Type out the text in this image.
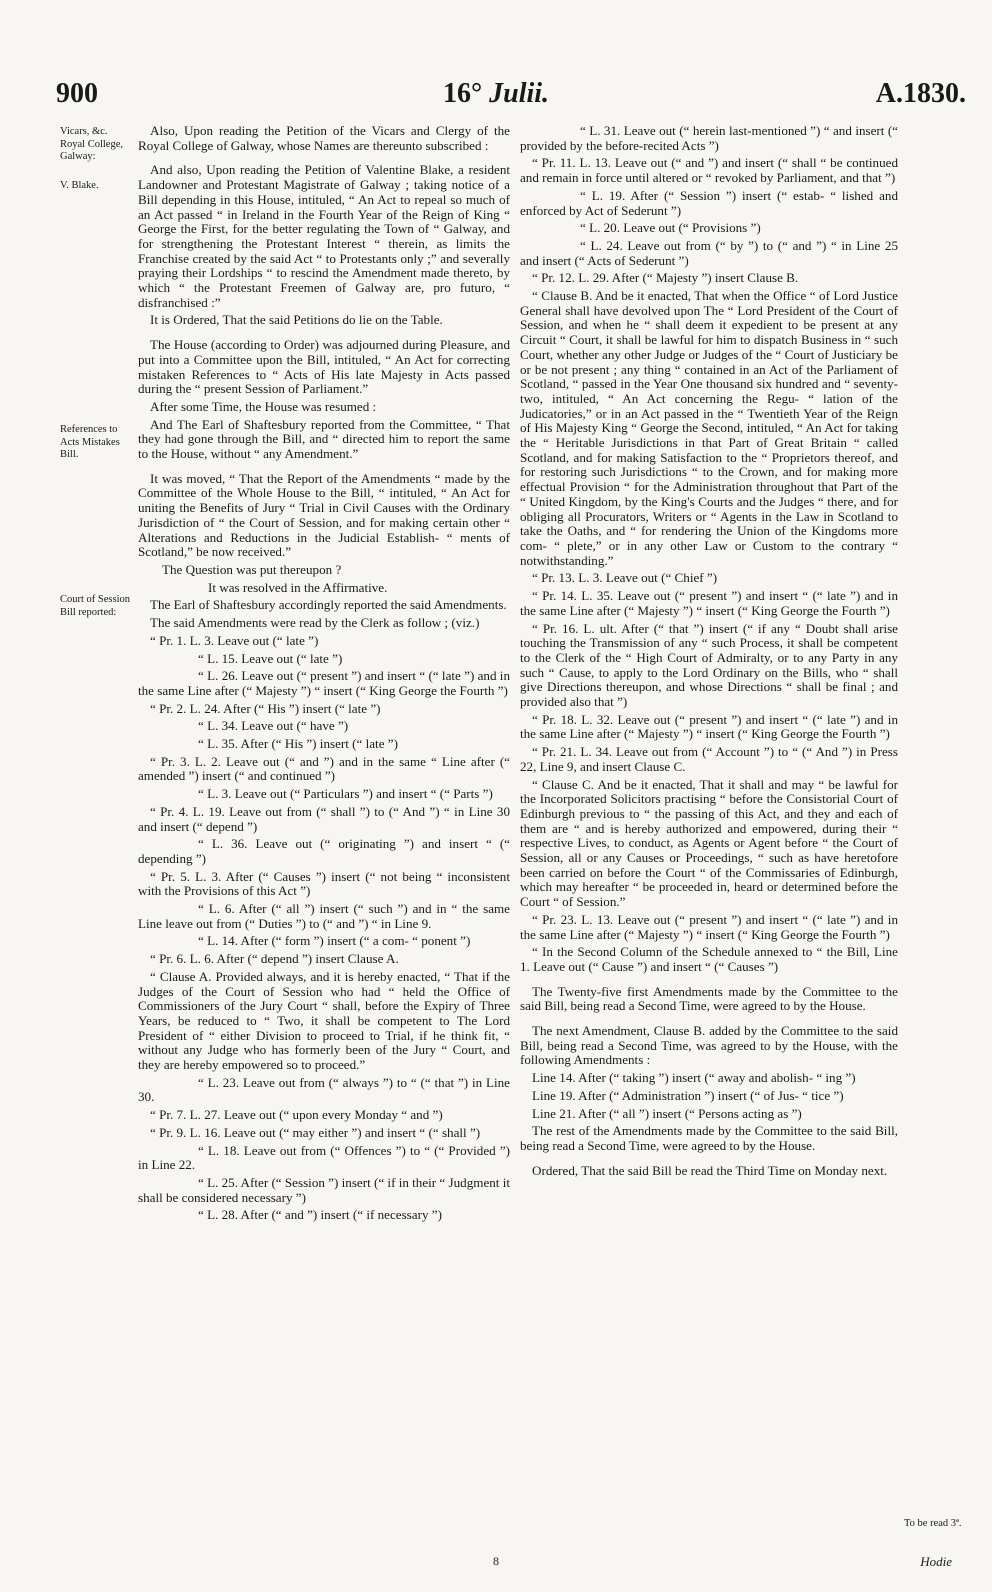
900	16° Julii.	A.1830.
Vicars, &c. Royal College, Galway:
V. Blake.
References to Acts Mistakes Bill.
Court of Session Bill reported:
To be read 3ª.

Also, Upon reading the Petition of the Vicars and Clergy of the Royal College of Galway, whose Names are thereunto subscribed :

And also, Upon reading the Petition of Valentine Blake, a resident Landowner and Protestant Magistrate of Galway ; taking notice of a Bill depending in this House, intituled, “ An Act to repeal so much of an Act passed “ in Ireland in the Fourth Year of the Reign of King “ George the First, for the better regulating the Town of “ Galway, and for strengthening the Protestant Interest “ therein, as limits the Franchise created by the said Act “ to Protestants only ;” and severally praying their Lordships “ to rescind the Amendment made thereto, by which “ the Protestant Freemen of Galway are, pro futuro, “ disfranchised :”

It is Ordered, That the said Petitions do lie on the Table.

The House (according to Order) was adjourned during Pleasure, and put into a Committee upon the Bill, intituled, “ An Act for correcting mistaken References to “ Acts of His late Majesty in Acts passed during the “ present Session of Parliament.”

After some Time, the House was resumed :

And The Earl of Shaftesbury reported from the Committee, “ That they had gone through the Bill, and “ directed him to report the same to the House, without “ any Amendment.”

It was moved, “ That the Report of the Amendments “ made by the Committee of the Whole House to the Bill, “ intituled, “ An Act for uniting the Benefits of Jury “ Trial in Civil Causes with the Ordinary Jurisdiction of “ the Court of Session, and for making certain other “ Alterations and Reductions in the Judicial Establish- “ ments of Scotland,” be now received.”

The Question was put thereupon ?

It was resolved in the Affirmative.

The Earl of Shaftesbury accordingly reported the said Amendments.

The said Amendments were read by the Clerk as follow ; (viz.)

“ Pr. 1. L. 3. Leave out (“ late ”)

“ L. 15. Leave out (“ late ”)

“ L. 26. Leave out (“ present ”) and insert “ (“ late ”) and in the same Line after (“ Majesty ”) “ insert (“ King George the Fourth ”)

“ Pr. 2. L. 24. After (“ His ”) insert (“ late ”)

“ L. 34. Leave out (“ have ”)

“ L. 35. After (“ His ”) insert (“ late ”)

“ Pr. 3. L. 2. Leave out (“ and ”) and in the same “ Line after (“ amended ”) insert (“ and continued ”)

“ L. 3. Leave out (“ Particulars ”) and insert “ (“ Parts ”)

“ Pr. 4. L. 19. Leave out from (“ shall ”) to (“ And ”) “ in Line 30 and insert (“ depend ”)

“ L. 36. Leave out (“ originating ”) and insert “ (“ depending ”)

“ Pr. 5. L. 3. After (“ Causes ”) insert (“ not being “ inconsistent with the Provisions of this Act ”)

“ L. 6. After (“ all ”) insert (“ such ”) and in “ the same Line leave out from (“ Duties ”) to (“ and ”) “ in Line 9.

“ L. 14. After (“ form ”) insert (“ a com- “ ponent ”)

“ Pr. 6. L. 6. After (“ depend ”) insert Clause A.

“ Clause A. Provided always, and it is hereby enacted, “ That if the Judges of the Court of Session who had “ held the Office of Commissioners of the Jury Court “ shall, before the Expiry of Three Years, be reduced to “ Two, it shall be competent to The Lord President of “ either Division to proceed to Trial, if he think fit, “ without any Judge who has formerly been of the Jury “ Court, and they are hereby empowered so to proceed.”

“ L. 23. Leave out from (“ always ”) to “ (“ that ”) in Line 30.

“ Pr. 7. L. 27. Leave out (“ upon every Monday “ and ”)

“ Pr. 9. L. 16. Leave out (“ may either ”) and insert “ (“ shall ”)

“ L. 18. Leave out from (“ Offences ”) to “ (“ Provided ”) in Line 22.

“ L. 25. After (“ Session ”) insert (“ if in their “ Judgment it shall be considered necessary ”)

“ L. 28. After (“ and ”) insert (“ if necessary ”)

“ L. 31. Leave out (“ herein last-mentioned ”) “ and insert (“ provided by the before-recited Acts ”)

“ Pr. 11. L. 13. Leave out (“ and ”) and insert (“ shall “ be continued and remain in force until altered or “ revoked by Parliament, and that ”)

“ L. 19. After (“ Session ”) insert (“ estab- “ lished and enforced by Act of Sederunt ”)

“ L. 20. Leave out (“ Provisions ”)

“ L. 24. Leave out from (“ by ”) to (“ and ”) “ in Line 25 and insert (“ Acts of Sederunt ”)

“ Pr. 12. L. 29. After (“ Majesty ”) insert Clause B.

“ Clause B. And be it enacted, That when the Office “ of Lord Justice General shall have devolved upon The “ Lord President of the Court of Session, and when he “ shall deem it expedient to be present at any Circuit “ Court, it shall be lawful for him to dispatch Business in “ such Court, whether any other Judge or Judges of the “ Court of Justiciary be or be not present ; any thing “ contained in an Act of the Parliament of Scotland, “ passed in the Year One thousand six hundred and “ seventy-two, intituled, “ An Act concerning the Regu- “ lation of the Judicatories,” or in an Act passed in the “ Twentieth Year of the Reign of His Majesty King “ George the Second, intituled, “ An Act for taking the “ Heritable Jurisdictions in that Part of Great Britain “ called Scotland, and for making Satisfaction to the “ Proprietors thereof, and for restoring such Jurisdictions “ to the Crown, and for making more effectual Provision “ for the Administration throughout that Part of the “ United Kingdom, by the King's Courts and the Judges “ there, and for obliging all Procurators, Writers or “ Agents in the Law in Scotland to take the Oaths, and “ for rendering the Union of the Kingdoms more com- “ plete,” or in any other Law or Custom to the contrary “ notwithstanding.”

“ Pr. 13. L. 3. Leave out (“ Chief ”)

“ Pr. 14. L. 35. Leave out (“ present ”) and insert “ (“ late ”) and in the same Line after (“ Majesty ”) “ insert (“ King George the Fourth ”)

“ Pr. 16. L. ult. After (“ that ”) insert (“ if any “ Doubt shall arise touching the Transmission of any “ such Process, it shall be competent to the Clerk of the “ High Court of Admiralty, or to any Party in any such “ Cause, to apply to the Lord Ordinary on the Bills, who “ shall give Directions thereupon, and whose Directions “ shall be final ; and provided also that ”)

“ Pr. 18. L. 32. Leave out (“ present ”) and insert “ (“ late ”) and in the same Line after (“ Majesty ”) “ insert (“ King George the Fourth ”)

“ Pr. 21. L. 34. Leave out from (“ Account ”) to “ (“ And ”) in Press 22, Line 9, and insert Clause C.

“ Clause C. And be it enacted, That it shall and may “ be lawful for the Incorporated Solicitors practising “ before the Consistorial Court of Edinburgh previous to “ the passing of this Act, and they and each of them are “ and is hereby authorized and empowered, during their “ respective Lives, to conduct, as Agents or Agent before “ the Court of Session, all or any Causes or Proceedings, “ such as have heretofore been carried on before the Court “ of the Commissaries of Edinburgh, which may hereafter “ be proceeded in, heard or determined before the Court “ of Session.”

“ Pr. 23. L. 13. Leave out (“ present ”) and insert “ (“ late ”) and in the same Line after (“ Majesty ”) “ insert (“ King George the Fourth ”)

“ In the Second Column of the Schedule annexed to “ the Bill, Line 1. Leave out (“ Cause ”) and insert “ (“ Causes ”)

The Twenty-five first Amendments made by the Committee to the said Bill, being read a Second Time, were agreed to by the House.

The next Amendment, Clause B. added by the Committee to the said Bill, being read a Second Time, was agreed to by the House, with the following Amendments :

Line 14. After (“ taking ”) insert (“ away and abolish- “ ing ”)

Line 19. After (“ Administration ”) insert (“ of Jus- “ tice ”)

Line 21. After (“ all ”) insert (“ Persons acting as ”)

The rest of the Amendments made by the Committee to the said Bill, being read a Second Time, were agreed to by the House.

Ordered, That the said Bill be read the Third Time on Monday next.

8	Hodie
